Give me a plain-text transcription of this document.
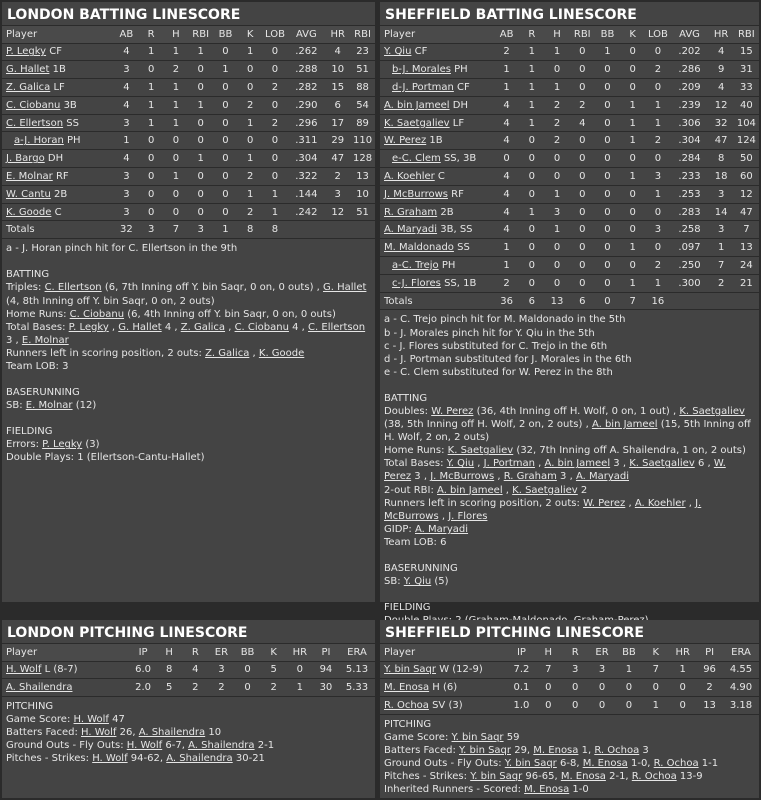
LONDON BATTING LINESCORE
Player	AB	R	H	RBI	BB	K	LOB	AVG	HR	RBI
P. Legky CF	4	1	1	1	0	1	0	.262	4	23
G. Hallet 1B	3	0	2	0	1	0	0	.288	10	51
Z. Galica LF	4	1	1	0	0	0	2	.282	15	88
C. Ciobanu 3B	4	1	1	1	0	2	0	.290	6	54
C. Ellertson SS	3	1	1	0	0	1	2	.296	17	89
a-J. Horan PH	1	0	0	0	0	0	0	.311	29	110
J. Bargo DH	4	0	0	1	0	1	0	.304	47	128
E. Molnar RF	3	0	1	0	0	2	0	.322	2	13
W. Cantu 2B	3	0	0	0	0	1	1	.144	3	10
K. Goode C	3	0	0	0	0	2	1	.242	12	51
Totals	32	3	7	3	1	8	8			

a - J. Horan pinch hit for C. Ellertson in the 9th

BATTING

Triples: C. Ellertson (6, 7th Inning off Y. bin Saqr, 0 on, 0 outs) , G. Hallet (4, 8th Inning off Y. bin Saqr, 0 on, 2 outs)

Home Runs: C. Ciobanu (6, 4th Inning off Y. bin Saqr, 0 on, 0 outs)

Total Bases: P. Legky , G. Hallet 4 , Z. Galica , C. Ciobanu 4 , C. Ellertson 3 , E. Molnar

Runners left in scoring position, 2 outs: Z. Galica , K. Goode

Team LOB: 3

BASERUNNING

SB: E. Molnar (12)

FIELDING

Errors: P. Legky (3)

Double Plays: 1 (Ellertson-Cantu-Hallet)

SHEFFIELD BATTING LINESCORE
Player	AB	R	H	RBI	BB	K	LOB	AVG	HR	RBI
Y. Qiu CF	2	1	1	0	1	0	0	.202	4	15
b-J. Morales PH	1	1	0	0	0	0	2	.286	9	31
d-J. Portman CF	1	1	1	0	0	0	0	.209	4	33
A. bin Jameel DH	4	1	2	2	0	1	1	.239	12	40
K. Saetgaliev LF	4	1	2	4	0	1	1	.306	32	104
W. Perez 1B	4	0	2	0	0	1	2	.304	47	124
e-C. Clem SS, 3B	0	0	0	0	0	0	0	.284	8	50
A. Koehler C	4	0	0	0	0	1	3	.233	18	60
J. McBurrows RF	4	0	1	0	0	0	1	.253	3	12
R. Graham 2B	4	1	3	0	0	0	0	.283	14	47
A. Maryadi 3B, SS	4	0	1	0	0	0	3	.258	3	7
M. Maldonado SS	1	0	0	0	0	1	0	.097	1	13
a-C. Trejo PH	1	0	0	0	0	0	2	.250	7	24
c-J. Flores SS, 1B	2	0	0	0	0	1	1	.300	2	21
Totals	36	6	13	6	0	7	16			

a - C. Trejo pinch hit for M. Maldonado in the 5th

b - J. Morales pinch hit for Y. Qiu in the 5th

c - J. Flores substituted for C. Trejo in the 6th

d - J. Portman substituted for J. Morales in the 6th

e - C. Clem substituted for W. Perez in the 8th

BATTING

Doubles: W. Perez (36, 4th Inning off H. Wolf, 0 on, 1 out) , K. Saetgaliev (38, 5th Inning off H. Wolf, 2 on, 2 outs) , A. bin Jameel (15, 5th Inning off H. Wolf, 2 on, 2 outs)

Home Runs: K. Saetgaliev (32, 7th Inning off A. Shailendra, 1 on, 2 outs)

Total Bases: Y. Qiu , J. Portman , A. bin Jameel 3 , K. Saetgaliev 6 , W. Perez 3 , J. McBurrows , R. Graham 3 , A. Maryadi

2-out RBI: A. bin Jameel , K. Saetgaliev 2

Runners left in scoring position, 2 outs: W. Perez , A. Koehler , J. McBurrows , J. Flores

GIDP: A. Maryadi

Team LOB: 6

BASERUNNING

SB: Y. Qiu (5)

FIELDING

LONDON PITCHING LINESCORE
Player	IP	H	R	ER	BB	K	HR	PI	ERA
H. Wolf L (8-7)	6.0	8	4	3	0	5	0	94	5.13
A. Shailendra	2.0	5	2	2	0	2	1	30	5.33

PITCHING

Game Score: H. Wolf 47

Batters Faced: H. Wolf 26, A. Shailendra 10

Ground Outs - Fly Outs: H. Wolf 6-7, A. Shailendra 2-1

Pitches - Strikes: H. Wolf 94-62, A. Shailendra 30-21

SHEFFIELD PITCHING LINESCORE
Player	IP	H	R	ER	BB	K	HR	PI	ERA
Y. bin Saqr W (12-9)	7.2	7	3	3	1	7	1	96	4.55
M. Enosa H (6)	0.1	0	0	0	0	0	0	2	4.90
R. Ochoa SV (3)	1.0	0	0	0	0	1	0	13	3.18

PITCHING

Game Score: Y. bin Saqr 59

Batters Faced: Y. bin Saqr 29, M. Enosa 1, R. Ochoa 3

Ground Outs - Fly Outs: Y. bin Saqr 6-8, M. Enosa 1-0, R. Ochoa 1-1

Pitches - Strikes: Y. bin Saqr 96-65, M. Enosa 2-1, R. Ochoa 13-9

Inherited Runners - Scored: M. Enosa 1-0
